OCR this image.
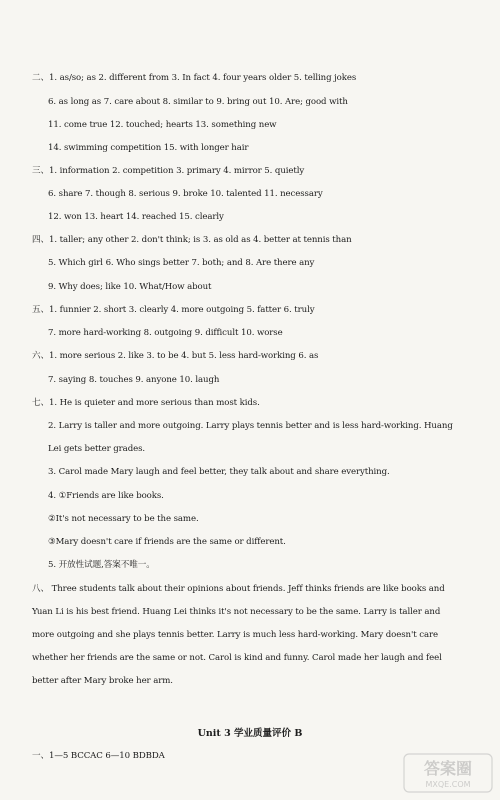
二、1. as/so; as 2. different from 3. In fact 4. four years older 5. telling jokes
6. as long as 7. care about 8. similar to 9. bring out 10. Are; good with
11. come true 12. touched; hearts 13. something new
14. swimming competition 15. with longer hair
三、1. information 2. competition 3. primary 4. mirror 5. quietly
6. share 7. though 8. serious 9. broke 10. talented 11. necessary
12. won 13. heart 14. reached 15. clearly
四、1. taller; any other 2. don't think; is 3. as old as 4. better at tennis than
5. Which girl 6. Who sings better 7. both; and 8. Are there any
9. Why does; like 10. What/How about
五、1. funnier 2. short 3. clearly 4. more outgoing 5. fatter 6. truly
7. more hard-working 8. outgoing 9. difficult 10. worse
六、1. more serious 2. like 3. to be 4. but 5. less hard-working 6. as
7. saying 8. touches 9. anyone 10. laugh
七、1. He is quieter and more serious than most kids.
2. Larry is taller and more outgoing. Larry plays tennis better and is less hard-working. Huang
Lei gets better grades.
3. Carol made Mary laugh and feel better, they talk about and share everything.
4. ①Friends are like books.
②It's not necessary to be the same.
③Mary doesn't care if friends are the same or different.
5. 开放性试题,答案不唯一。
八、 Three students talk about their opinions about friends. Jeff thinks friends are like books and
Yuan Li is his best friend. Huang Lei thinks it's not necessary to be the same. Larry is taller and
more outgoing and she plays tennis better. Larry is much less hard-working. Mary doesn't care
whether her friends are the same or not. Carol is kind and funny. Carol made her laugh and feel
better after Mary broke her arm.
Unit 3 学业质量评价 B
一、1—5 BCCAC 6—10 BDBDA
答案圈
MXQE.COM
